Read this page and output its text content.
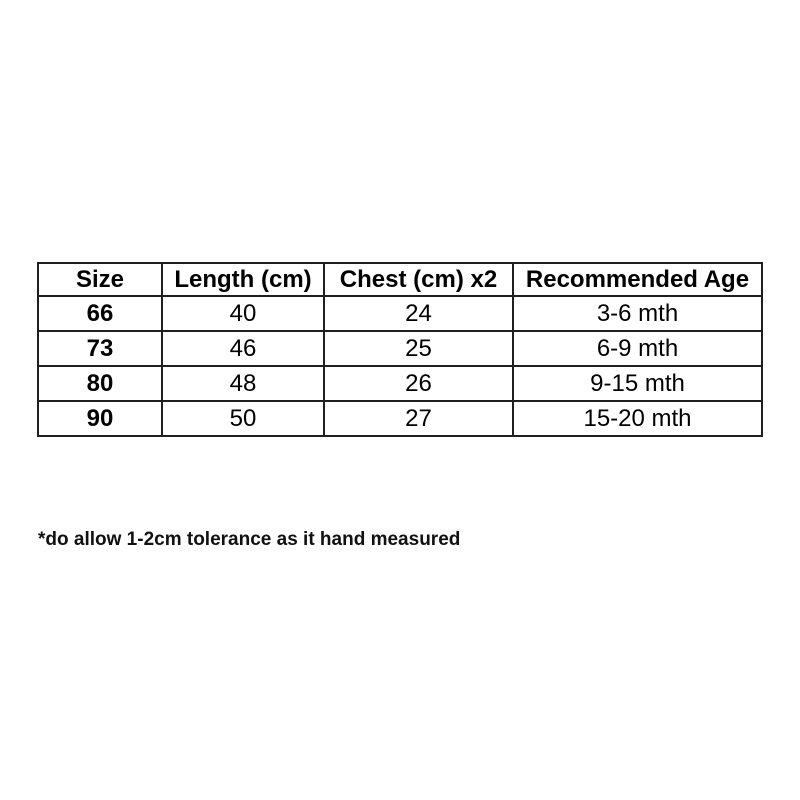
Size	Length (cm)	Chest (cm) x2	Recommended Age
66	40	24	3-6 mth
73	46	25	6-9 mth
80	48	26	9-15 mth
90	50	27	15-20 mth
*do allow 1-2cm tolerance as it hand measured
